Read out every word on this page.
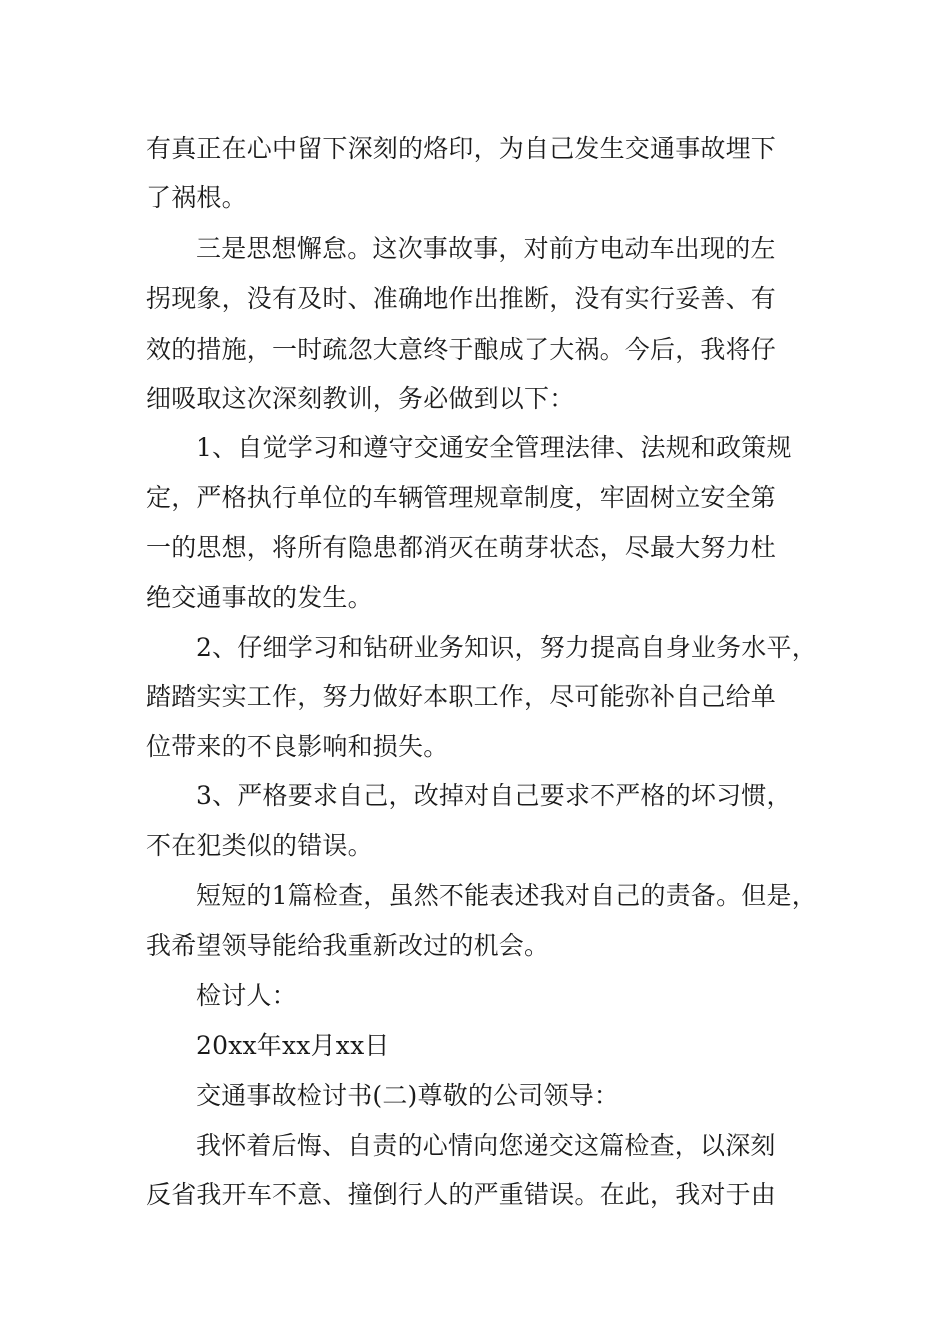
有真正在心中留下深刻的烙印，为自己发生交通事故埋下
了祸根。
三是思想懈怠。这次事故事，对前方电动车出现的左
拐现象，没有及时、准确地作出推断，没有实行妥善、有
效的措施，一时疏忽大意终于酿成了大祸。今后，我将仔
细吸取这次深刻教训，务必做到以下：
1、自觉学习和遵守交通安全管理法律、法规和政策规
定，严格执行单位的车辆管理规章制度，牢固树立安全第
一的思想，将所有隐患都消灭在萌芽状态，尽最大努力杜
绝交通事故的发生。
2、仔细学习和钻研业务知识，努力提高自身业务水平，
踏踏实实工作，努力做好本职工作，尽可能弥补自己给单
位带来的不良影响和损失。
3、严格要求自己，改掉对自己要求不严格的坏习惯，
不在犯类似的错误。
短短的1篇检查，虽然不能表述我对自己的责备。但是，
我希望领导能给我重新改过的机会。
检讨人：
20xx年xx月xx日
交通事故检讨书(二)尊敬的公司领导：
我怀着后悔、自责的心情向您递交这篇检查，以深刻
反省我开车不意、撞倒行人的严重错误。在此，我对于由
